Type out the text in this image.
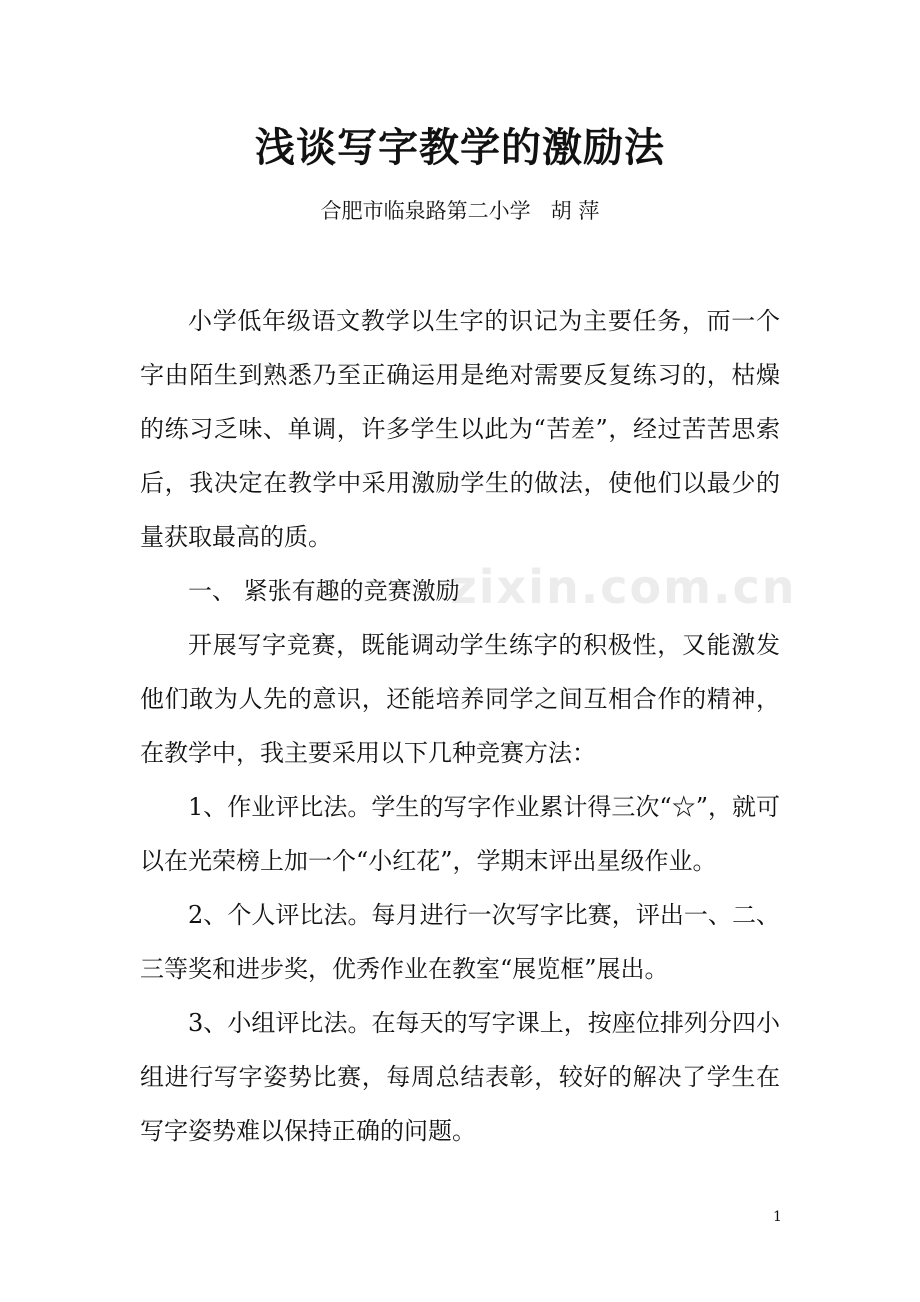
zixin.com.cn
浅谈写字教学的激励法
合肥市临泉路第二小学   胡 萍

小学低年级语文教学以生字的识记为主要任务，而一个字由陌生到熟悉乃至正确运用是绝对需要反复练习的，枯燥的练习乏味、单调，许多学生以此为“苦差”，经过苦苦思索后，我决定在教学中采用激励学生的做法，使他们以最少的量获取最高的质。

一、 紧张有趣的竞赛激励

开展写字竞赛，既能调动学生练字的积极性，又能激发他们敢为人先的意识，还能培养同学之间互相合作的精神，在教学中，我主要采用以下几种竞赛方法：

1、作业评比法。学生的写字作业累计得三次“☆”，就可以在光荣榜上加一个“小红花”，学期末评出星级作业。

2、个人评比法。每月进行一次写字比赛，评出一、二、三等奖和进步奖，优秀作业在教室“展览框”展出。

3、小组评比法。在每天的写字课上，按座位排列分四小组进行写字姿势比赛，每周总结表彰，较好的解决了学生在写字姿势难以保持正确的问题。

1
